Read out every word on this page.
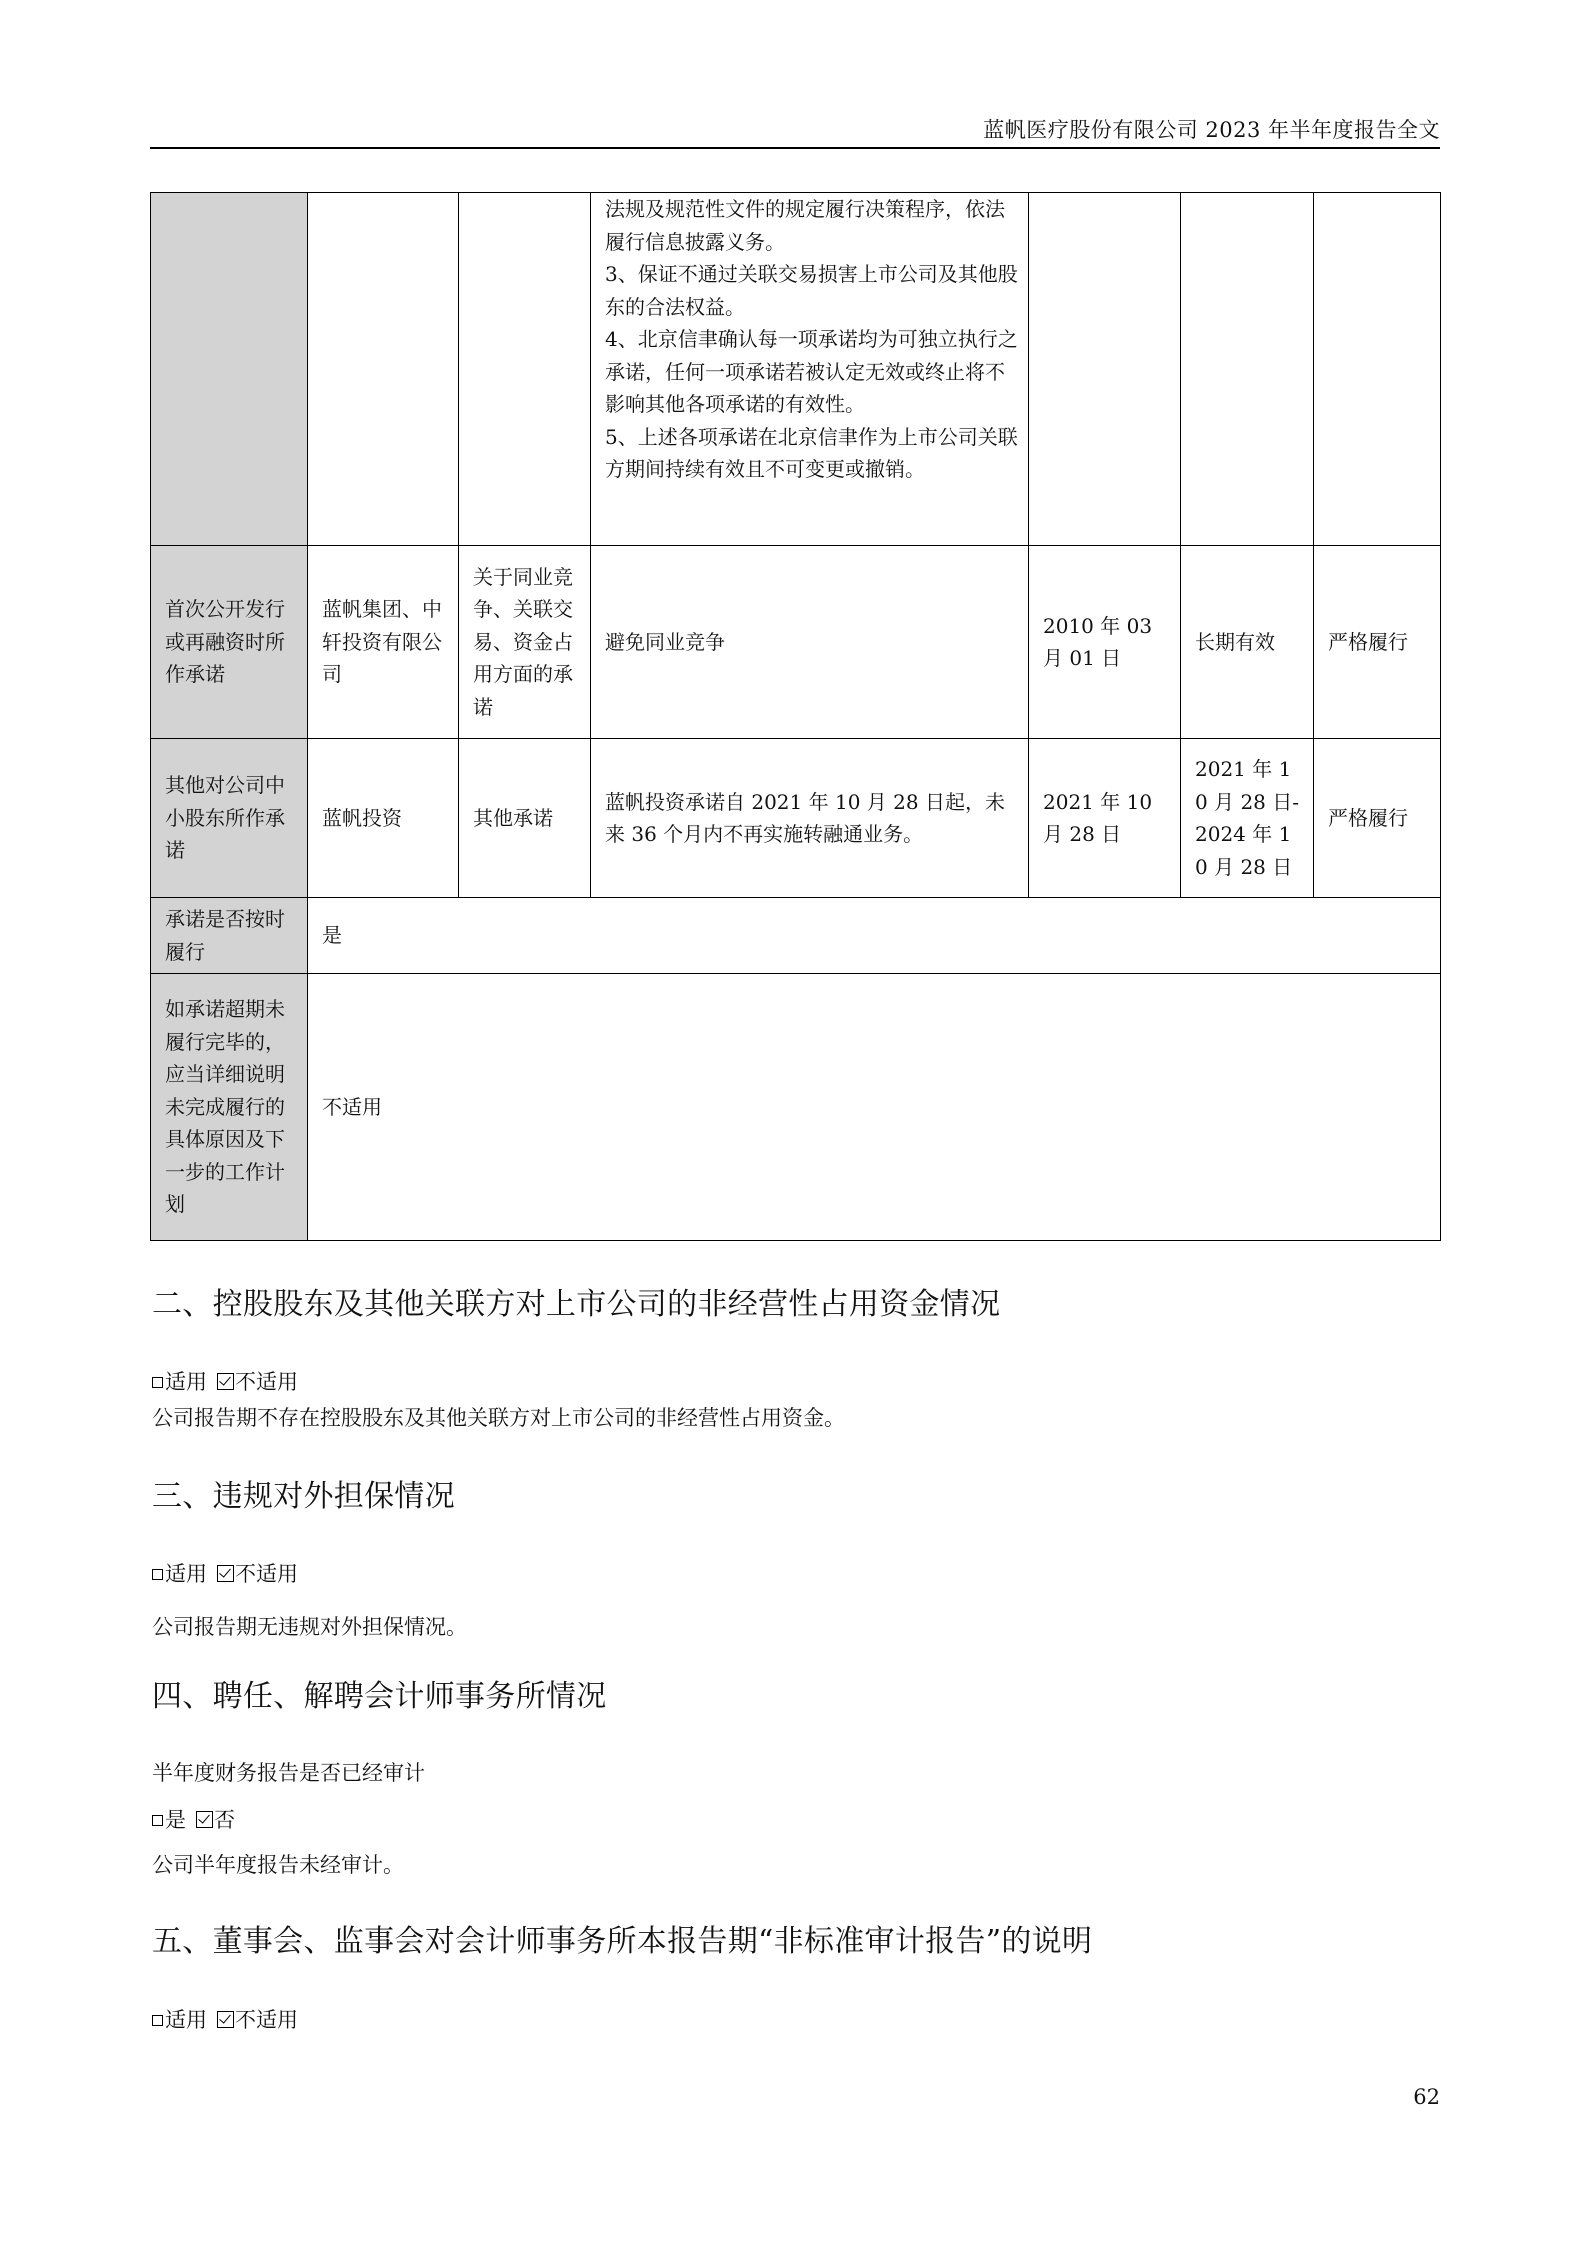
蓝帆医疗股份有限公司 2023 年半年度报告全文

			法规及规范性文件的规定履行决策程序，依法履行信息披露义务。
3、保证不通过关联交易损害上市公司及其他股东的合法权益。
4、北京信聿确认每一项承诺均为可独立执行之承诺，任何一项承诺若被认定无效或终止将不影响其他各项承诺的有效性。
5、上述各项承诺在北京信聿作为上市公司关联方期间持续有效且不可变更或撤销。			

首次公开发行或再融资时所作承诺	蓝帆集团、中轩投资有限公司	关于同业竞争、关联交易、资金占用方面的承诺	避免同业竞争	2010 年 03 月 01 日	长期有效	严格履行
其他对公司中小股东所作承诺	蓝帆投资	其他承诺	蓝帆投资承诺自 2021 年 10 月 28 日起，未来 36 个月内不再实施转融通业务。	2021 年 10 月 28 日	2021 年 10 月 28 日-2024 年 10 月 28 日	严格履行
承诺是否按时履行	是					
如承诺超期未履行完毕的，应当详细说明未完成履行的具体原因及下一步的工作计划	不适用					
二、控股股东及其他关联方对上市公司的非经营性占用资金情况

适用 不适用

公司报告期不存在控股股东及其他关联方对上市公司的非经营性占用资金。

三、违规对外担保情况

适用 不适用

公司报告期无违规对外担保情况。

四、聘任、解聘会计师事务所情况

半年度财务报告是否已经审计

是 否

公司半年度报告未经审计。

五、董事会、监事会对会计师事务所本报告期“非标准审计报告”的说明

适用 不适用

62
